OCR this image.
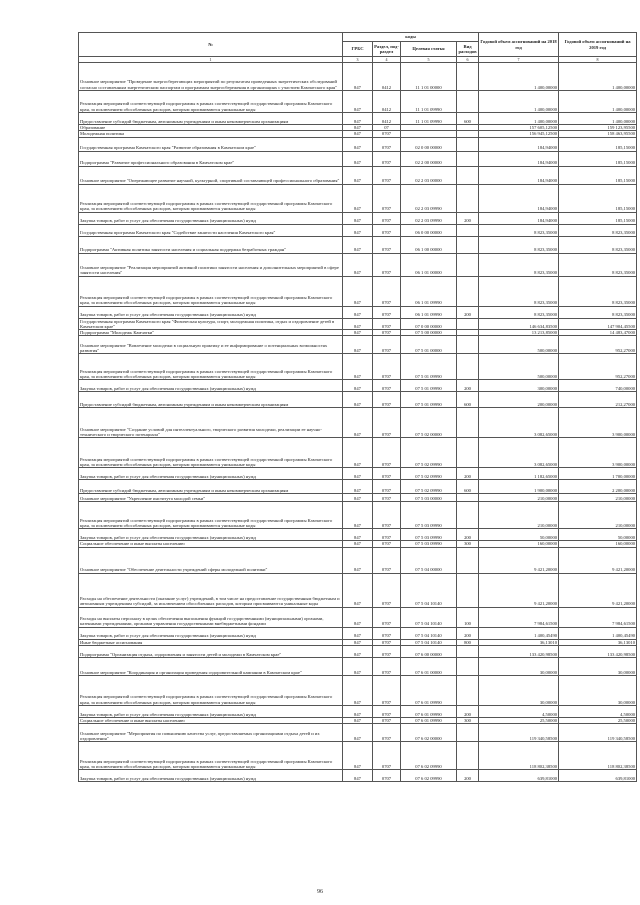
№	коды				Годовой объем ассигнований на 2018 год	Годовой объем ассигнований на 2019 год
	ГРБС	Раздел, под-раздел	Целевая статья	Вид расходов		
1	3	4	5	6	7	8
Основное мероприятие "Проведение энергосберегающих мероприятий по результатам проведенных энергетических обследований согласно составленным энергетическим паспортам и программам энергосбережения в организациях с участием Камчатского края"	847	0412	11 1 01 00000		1 400,00000	1 400,00000
Реализация мероприятий соответствующей подпрограммы в рамках соответствующей государственной программы Камчатского края, за исключением обособленных расходов, которым присваиваются уникальные коды	847	0412	11 1 01 09990		1 400,00000	1 400,00000
Предоставление субсидий бюджетным, автономным учреждениям и иным некоммерческим организациям	847	0412	11 1 01 09990	600	1 400,00000	1 400,00000
Образование	847	07			157 605,12500	159 123,95500
Молодежная политика	847	0707			156 945,12500	158 463,95500
Государственная программа Камчатского края "Развитие образования в Камчатском крае"	847	0707	02 0 00 00000		184,94000	185,15000
Подпрограмма "Развитие профессионального образования в Камчатском крае"	847	0707	02 2 00 00000		184,94000	185,15000
Основное мероприятие "Опережающее развитие научной, культурной, спортивной составляющей профессионального образования"	847	0707	02 2 03 00000		184,94000	185,15000
Реализация мероприятий соответствующей подпрограммы в рамках соответствующей государственной программы Камчатского края, за исключением обособленных расходов, которым присваиваются уникальные коды	847	0707	02 2 03 09990		184,94000	185,15000
Закупка товаров, работ и услуг для обеспечения государственных (муниципальных) нужд	847	0707	02 2 03 09990	200	184,94000	185,15000
Государственная программа Камчатского края "Содействие занятости населения Камчатского края"	847	0707	06 0 00 00000		8 823,35000	8 823,35000
Подпрограмма "Активная политика занятости населения и социальная поддержка безработных граждан"	847	0707	06 1 00 00000		8 823,35000	8 823,35000
Основное мероприятие "Реализация мероприятий активной политики занятости населения и дополнительных мероприятий в сфере занятости населения"	847	0707	06 1 01 00000		8 823,35000	8 823,35000
Реализация мероприятий соответствующей подпрограммы в рамках соответствующей государственной программы Камчатского края, за исключением обособленных расходов, которым присваиваются уникальные коды	847	0707	06 1 01 09990		8 823,35000	8 823,35000
Закупка товаров, работ и услуг для обеспечения государственных (муниципальных) нужд	847	0707	06 1 01 09990	200	8 823,35000	8 823,35000
Государственная программа Камчатского края "Физическая культура, спорт, молодежная политика, отдых и оздоровление детей в Камчатском крае"	847	0707	07 0 00 00000		146 634,83500	147 904,45500
Подпрограмма "Молодежь Камчатки"	847	0707	07 5 00 00000		13 213,85000	14 483,47000
Основное мероприятие "Вовлечение молодежи в социальную практику и ее информирование о потенциальных возможностях развития"	847	0707	07 5 01 00000		500,00000	952,27000
Реализация мероприятий соответствующей подпрограммы в рамках соответствующей государственной программы Камчатского края, за исключением обособленных расходов, которым присваиваются уникальные коды	847	0707	07 5 01 09990		500,00000	952,27000
Закупка товаров, работ и услуг для обеспечения государственных (муниципальных) нужд	847	0707	07 5 01 09990	200	300,00000	740,00000
Предоставление субсидий бюджетным, автономным учреждениям и иным некоммерческим организациям	847	0707	07 5 01 09990	600	200,00000	212,27000
Основное мероприятие "Создание условий для интеллектуального, творческого развития молодежи, реализации ее научно-технического и творческого потенциала"	847	0707	07 5 02 00000		3 082,65000	3 900,00000
Реализация мероприятий соответствующей подпрограммы в рамках соответствующей государственной программы Камчатского края, за исключением обособленных расходов, которым присваиваются уникальные коды	847	0707	07 5 02 09990		3 082,65000	3 900,00000
Закупка товаров, работ и услуг для обеспечения государственных (муниципальных) нужд	847	0707	07 5 02 09990	200	1 182,65000	1 700,00000
Предоставление субсидий бюджетным, автономным учреждениям и иным некоммерческим организациям	847	0707	07 5 02 09990	600	1 900,00000	2 200,00000
Основное мероприятие "Укрепление института молодой семьи"	847	0707	07 5 03 00000		210,00000	210,00000
Реализация мероприятий соответствующей подпрограммы в рамках соответствующей государственной программы Камчатского края, за исключением обособленных расходов, которым присваиваются уникальные коды	847	0707	07 5 03 09990		210,00000	210,00000
Закупка товаров, работ и услуг для обеспечения государственных (муниципальных) нужд	847	0707	07 5 03 09990	200	50,00000	50,00000
Социальное обеспечение и иные выплаты населению	847	0707	07 5 03 09990	300	160,00000	160,00000
Основное мероприятие "Обеспечение деятельности учреждений сферы молодежной политики"	847	0707	07 5 04 00000		9 421,20000	9 421,20000
Расходы на обеспечение деятельности (оказание услуг) учреждений, в том числе на предоставление государственным бюджетным и автономным учреждениям субсидий, за исключением обособленных расходов, которым присваиваются уникальные коды	847	0707	07 5 04 10140		9 421,20000	9 421,20000
Расходы на выплаты персоналу в целях обеспечения выполнения функций государственными (муниципальными) органами, казенными учреждениями, органами управления государственными внебюджетными фондами	847	0707	07 5 04 10140	100	7 984,61500	7 984,61500
Закупка товаров, работ и услуг для обеспечения государственных (муниципальных) нужд	847	0707	07 5 04 10140	200	1 400,45490	1 400,45490
Иные бюджетные ассигнования	847	0707	07 5 04 10140	800	36,13010	36,13010
Подпрограмма "Организация отдыха, оздоровления и занятости детей и молодежи в Камчатском крае"	847	0707	07 6 00 00000		133 420,98500	133 420,98500
Основное мероприятие "Координация и организация проведения оздоровительной кампании в Камчатском крае"	847	0707	07 6 01 00000		30,00000	30,00000
Реализация мероприятий соответствующей подпрограммы в рамках соответствующей государственной программы Камчатского края, за исключением обособленных расходов, которым присваиваются уникальные коды	847	0707	07 6 01 09990		30,00000	30,00000
Закупка товаров, работ и услуг для обеспечения государственных (муниципальных) нужд	847	0707	07 6 01 09990	200	4,50000	4,50000
Социальное обеспечение и иные выплаты населению	847	0707	07 6 01 09990	300	25,50000	25,50000
Основное мероприятие "Мероприятия по повышению качества услуг, предоставляемых организациями отдыха детей и их оздоровления"	847	0707	07 6 02 00000		119 340,58500	119 340,58500
Реализация мероприятий соответствующей подпрограммы в рамках соответствующей государственной программы Камчатского края, за исключением обособленных расходов, которым присваиваются уникальные коды	847	0707	07 6 02 09990		118 802,38500	118 802,38500
Закупка товаров, работ и услуг для обеспечения государственных (муниципальных) нужд	847	0707	07 6 02 09990	200	639,81000	639,81000
96
